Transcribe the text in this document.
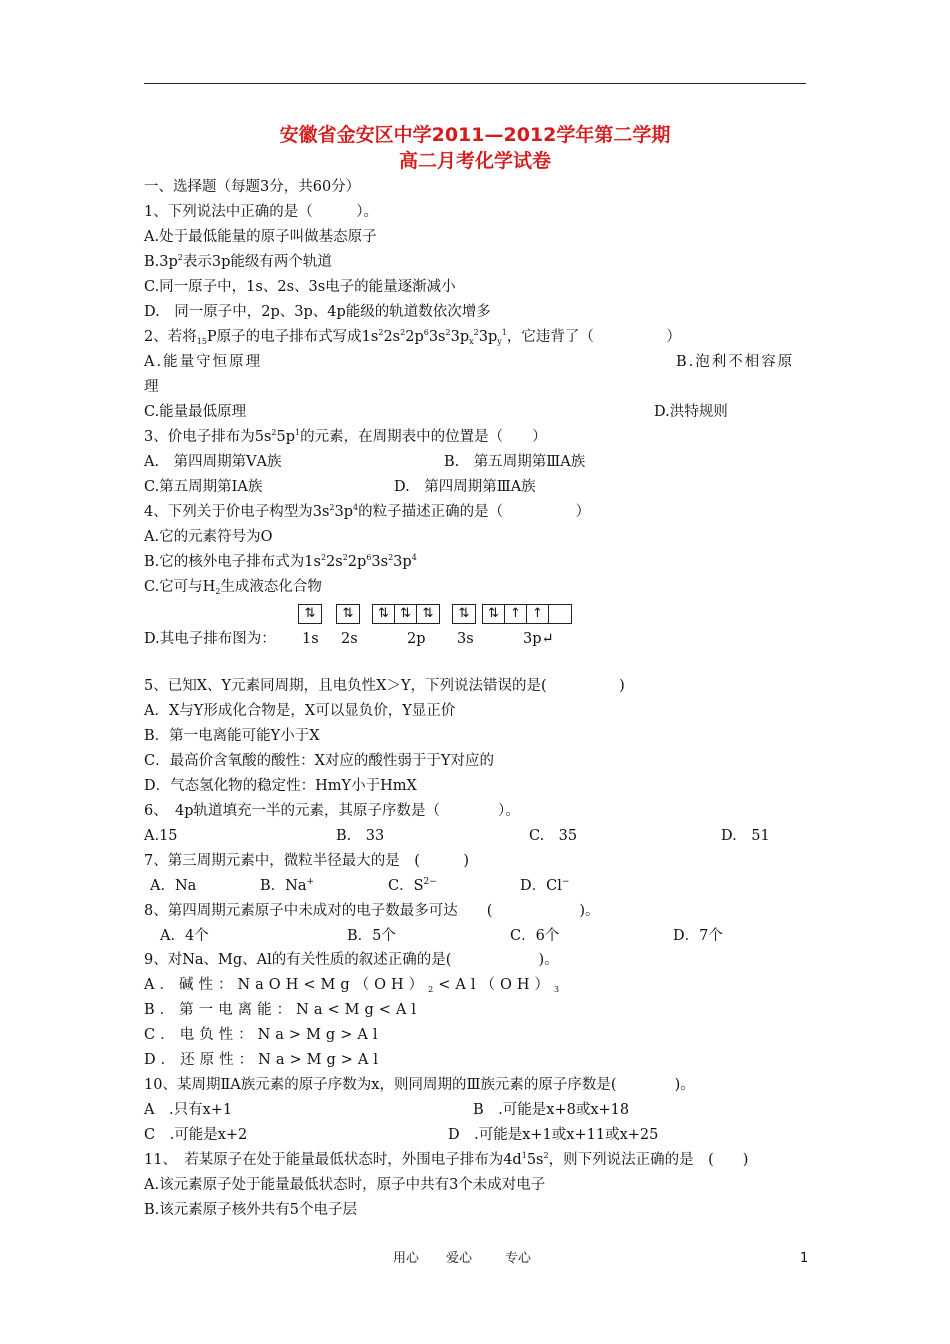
安徽省金安区中学2011—2012学年第二学期
高二月考化学试卷
一、选择题（每题3分，共60分）
1、下列说法中正确的是（　　　）。
A.处于最低能量的原子叫做基态原子
$B.3p^2$表示3p能级有两个轨道
C.同一原子中，1s、2s、3s电子的能量逐渐减小
D.　同一原子中，2p、3p、4p能级的轨道数依次增多
2、若将$_{15}$P原子的电子排布式写成$1s^22s^22p^63s^23p_x^23p_y^1$，它违背了（　　　　　）
A.能量守恒原理	B.泡利不相容原
理
C.能量最低原理	D.洪特规则
3、价电子排布为$5s^25p^1$的元素，在周期表中的位置是（　　）
A.　第四周期第ⅤA族	B.　第五周期第ⅢA族
C.第五周期第ⅠA族	D.　第四周期第ⅢA族
4、下列关于价电子构型为$3s^23p^4$的粒子描述正确的是（　　　　　）
A.它的元素符号为O
B.它的核外电子排布式为$1s^22s^22p^63s^23p^4$
C.它可与$H_2$生成液态化合物
⇅	⇅	⇅ ⇅ ⇅	⇅	⇅ ↑ ↑
D.其电子排布图为： 1s 2s	2p 3s	3p↵
5、已知X、Y元素同周期，且电负性X＞Y，下列说法错误的是(　　　　　)
A．X与Y形成化合物是，X可以显负价，Y显正价
B．第一电离能可能Y小于X
C．最高价含氧酸的酸性：X对应的酸性弱于于Y对应的
D．气态氢化物的稳定性：HmY小于HmX
6、　4p轨道填充一半的元素，其原子序数是（　　　　）。
A.15	B.　33	C.　35	D.　51
7、第三周期元素中，微粒半径最大的是　(　　　)
A．Na	B．Na+	C．$S^{2-}$	D．Cl−
8、第四周期元素原子中未成对的电子数最多可达　　(　　　　　　)。
A．4个	B．5个	C．6个	D．7个
9、对Na、Mg、Al的有关性质的叙述正确的是(　　　　　　)。
A．碱性：$NaOH<Mg(OH)_2<Al(OH)_3$
B．第一电离能：Na<Mg<Al
C．电负性：Na>Mg>Al
D．还原性：Na>Mg>Al
10、某周期ⅡA族元素的原子序数为x，则同周期的Ⅲ族元素的原子序数是(　　　　)。
A　.只有x+1	B　.可能是x+8或x+18
C　.可能是x+2	D　.可能是x+1或x+11或x+25
11、　若某原子在处于能量最低状态时，外围电子排布为$4d^15s^2$，则下列说法正确的是　(　　)
A.该元素原子处于能量最低状态时，原子中共有3个未成对电子
B.该元素原子核外共有5个电子层
用心 爱心	专心	1
